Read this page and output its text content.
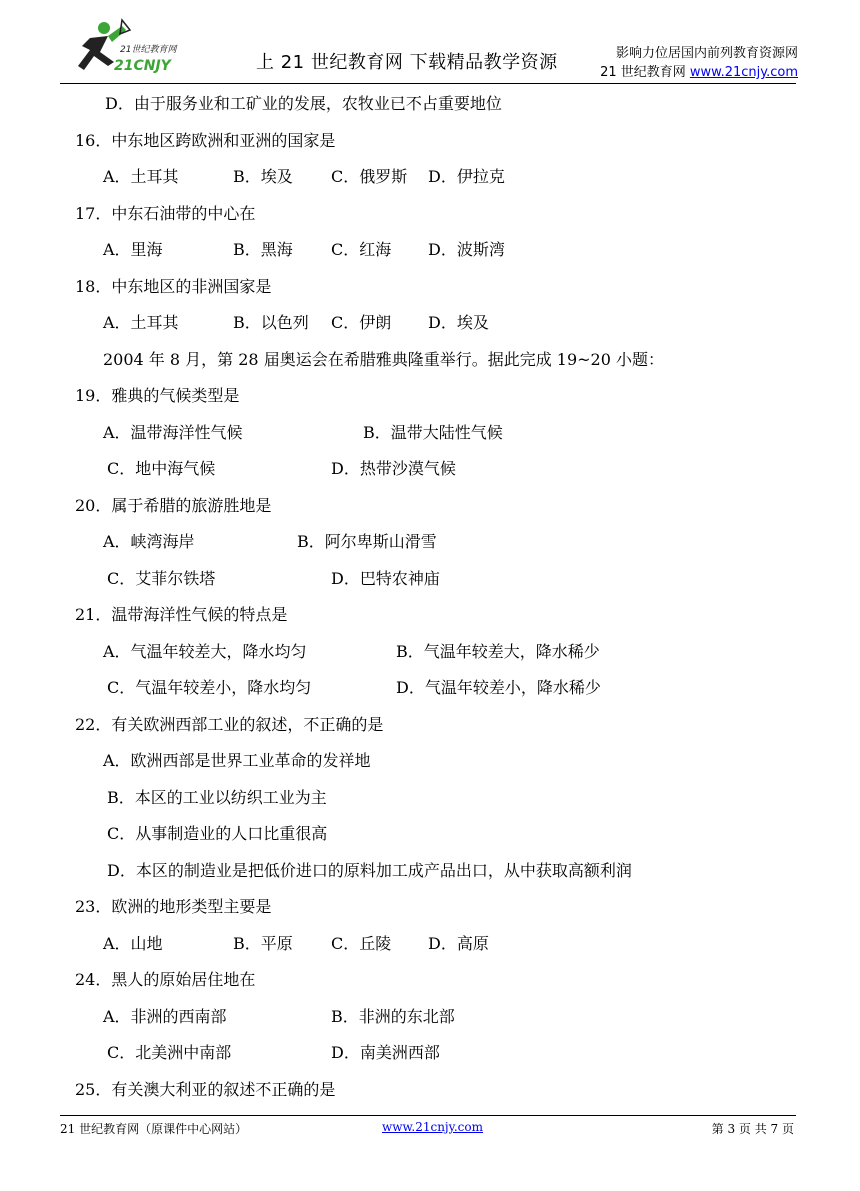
21世纪教育网
21CNJY	上 21 世纪教育网 下载精品教学资源	影响力位居国内前列教育资源网
21 世纪教育网 www.21cnjy.com
D．由于服务业和工矿业的发展，农牧业已不占重要地位
16．中东地区跨欧洲和亚洲的国家是
A．土耳其	B．埃及 C．俄罗斯 D．伊拉克
17．中东石油带的中心在
A．里海	B．黑海 C．红海 D．波斯湾
18．中东地区的非洲国家是
A．土耳其	B．以色列 C．伊朗 D．埃及
2004 年 8 月，第 28 届奥运会在希腊雅典隆重举行。据此完成 19~20 小题：
19．雅典的气候类型是
A．温带海洋性气候	B．温带大陆性气候
C．地中海气候	D．热带沙漠气候
20．属于希腊的旅游胜地是
A．峡湾海岸	B．阿尔卑斯山滑雪
C．艾菲尔铁塔	D．巴特农神庙
21．温带海洋性气候的特点是
A．气温年较差大，降水均匀	B．气温年较差大，降水稀少
C．气温年较差小，降水均匀	D．气温年较差小，降水稀少
22．有关欧洲西部工业的叙述，不正确的是
A．欧洲西部是世界工业革命的发祥地
B．本区的工业以纺织工业为主
C．从事制造业的人口比重很高
D．本区的制造业是把低价进口的原料加工成产品出口，从中获取高额利润
23．欧洲的地形类型主要是
A．山地	B．平原 C．丘陵 D．高原
24．黑人的原始居住地在
A．非洲的西南部	B．非洲的东北部
C．北美洲中南部	D．南美洲西部
25．有关澳大利亚的叙述不正确的是
21 世纪教育网（原课件中心网站）	www.21cnjy.com	第 3 页 共 7 页
